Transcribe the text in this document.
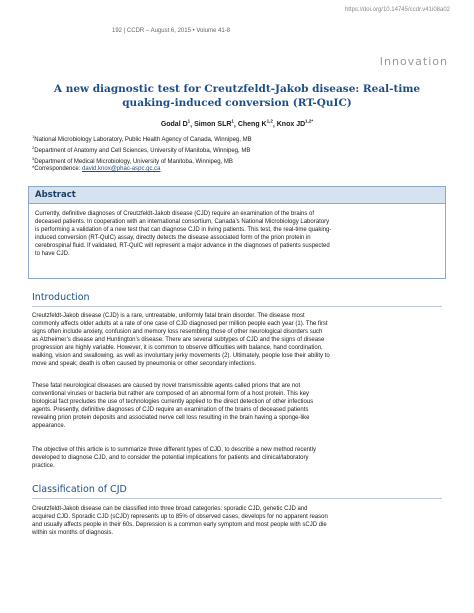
https://doi.org/10.14745/ccdr.v41i08a02
192 | CCDR – August 6, 2015 • Volume 41-8
Innovation
A new diagnostic test for Creutzfeldt-Jakob disease: Real-time quaking-induced conversion (RT-QuIC)
Godal $D^1$, Simon SLR$^1$, Cheng K$^{1,2}$, Knox $JD^{1,2*}$
$^1$National Microbiology Laboratory, Public Health Agency of Canada, Winnipeg, MB
$^2$Department of Anatomy and Cell Sciences, University of Manitoba, Winnipeg, MB
$^3$Department of Medical Microbiology, University of Manitoba, Winnipeg, MB
*Correspondence: david.knox@phac-aspc.gc.ca
Abstract
Currently, definitive diagnoses of Creutzfeldt-Jakob disease (CJD) require an examination of the brains of
deceased patients. In cooperation with an international consortium, Canada’s National Microbiology Laboratory
is performing a validation of a new test that can diagnose CJD in living patients. This test, the real-time quaking-
induced conversion (RT-QuIC) assay, directly detects the disease associated form of the prion protein in
cerebrospinal fluid. If validated, RT-QuIC will represent a major advance in the diagnoses of patients suspected
to have CJD.
Introduction
Creutzfeldt-Jakob disease (CJD) is a rare, untreatable, uniformly fatal brain disorder. The disease most
commonly affects older adults at a rate of one case of CJD diagnosed per million people each year (1). The first
signs often include anxiety, confusion and memory loss resembling those of other neurological disorders such
as Alzheimer’s disease and Huntington’s disease. There are several subtypes of CJD and the signs of disease
progression are highly variable. However, it is common to observe difficulties with balance, hand coordination,
walking, vision and swallowing, as well as involuntary jerky movements (2). Ultimately, people lose their ability to
move and speak; death is often caused by pneumonia or other secondary infections.
These fatal neurological diseases are caused by novel transmissible agents called prions that are not
conventional viruses or bacteria but rather are composed of an abnormal form of a host protein. This key
biological fact precludes the use of technologies currently applied to the direct detection of other infectious
agents. Presently, definitive diagnoses of CJD require an examination of the brains of deceased patients
revealing prion protein deposits and associated nerve cell loss resulting in the brain having a sponge-like
appearance.
The objective of this article is to summarize three different types of CJD, to describe a new method recently
developed to diagnose CJD, and to consider the potential implications for patients and clinical/laboratory
practice.
Classification of CJD
Creutzfeldt-Jakob disease can be classified into three broad categories: sporadic CJD, genetic CJD and
acquired CJD. Sporadic CJD (sCJD) represents up to 85% of observed cases, develops for no apparent reason
and usually affects people in their 60s. Depression is a common early symptom and most people with sCJD die
within six months of diagnosis.
